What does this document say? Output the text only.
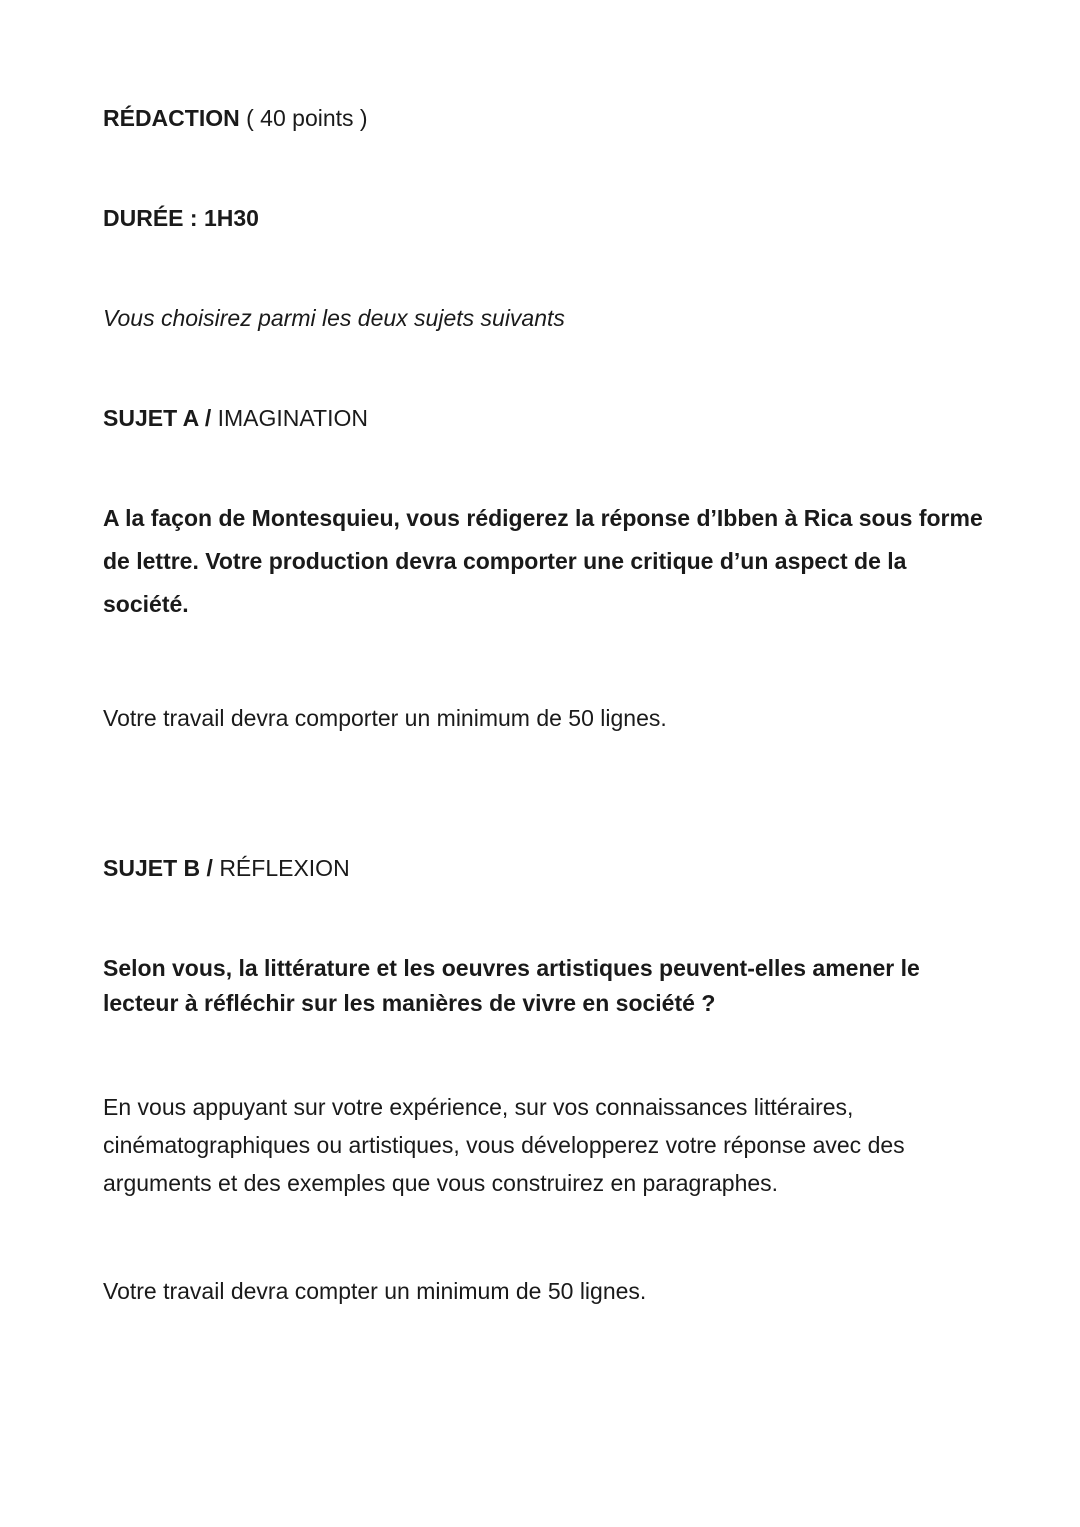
RÉDACTION ( 40 points )
DURÉE : 1H30
Vous choisirez parmi les deux sujets suivants
SUJET A / IMAGINATION

A la façon de Montesquieu, vous rédigerez la réponse d’Ibben à Rica sous forme de lettre. Votre production devra comporter une critique d’un aspect de la société.

Votre travail devra comporter un minimum de 50 lignes.

SUJET B / RÉFLEXION

Selon vous, la littérature et les oeuvres artistiques peuvent-elles amener le lecteur à réfléchir sur les manières de vivre en société ?

En vous appuyant sur votre expérience, sur vos connaissances littéraires, cinématographiques ou artistiques, vous développerez votre réponse avec des arguments et des exemples que vous construirez en paragraphes.

Votre travail devra compter un minimum de 50 lignes.
